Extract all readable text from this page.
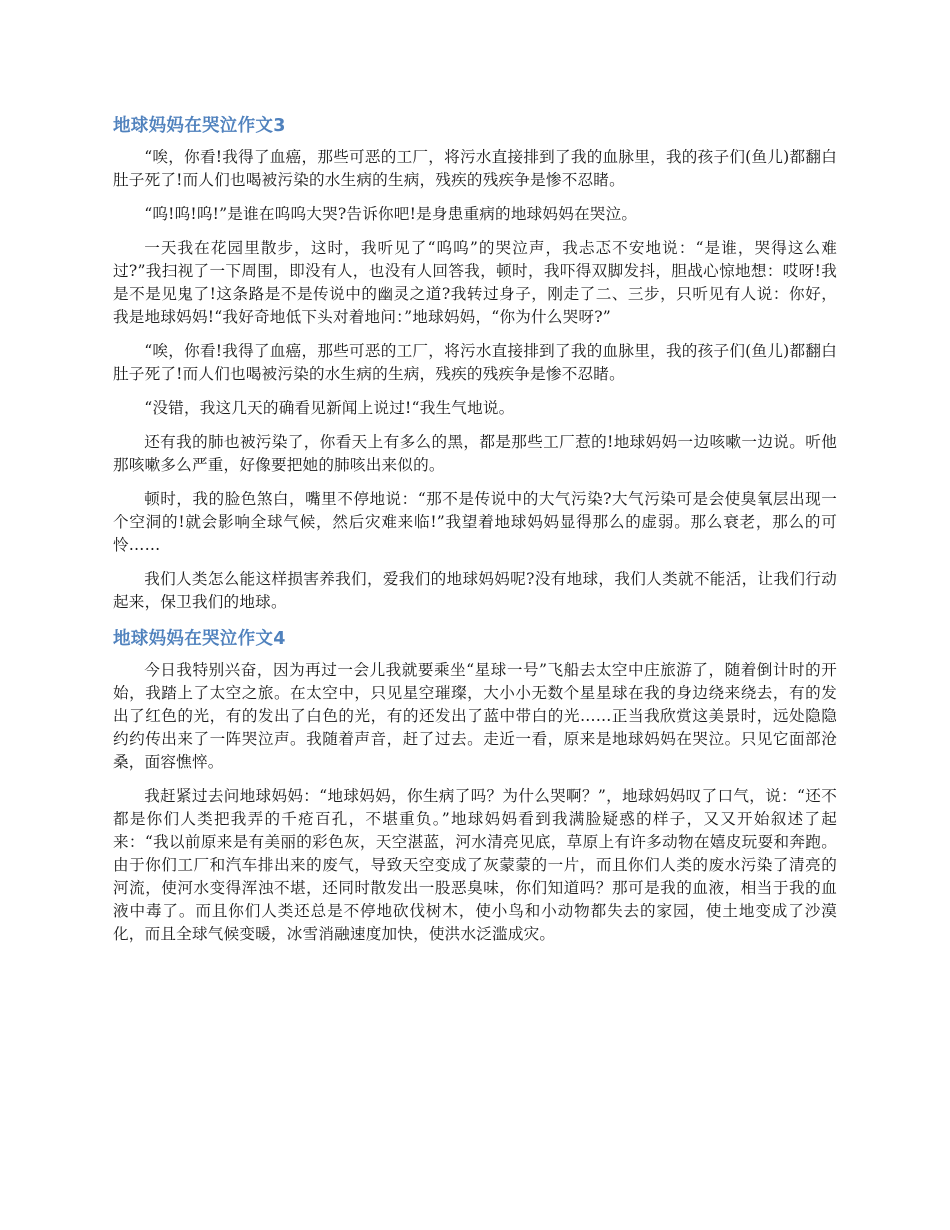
地球妈妈在哭泣作文3

“唉，你看!我得了血癌，那些可恶的工厂，将污水直接排到了我的血脉里，我的孩子们(鱼儿)都翻白肚子死了!而人们也喝被污染的水生病的生病，残疾的残疾争是惨不忍睹。

“呜!呜!呜!”是谁在呜呜大哭?告诉你吧!是身患重病的地球妈妈在哭泣。

一天我在花园里散步，这时，我听见了“呜呜”的哭泣声，我忐忑不安地说：“是谁，哭得这么难过?”我扫视了一下周围，即没有人，也没有人回答我，顿时，我吓得双脚发抖，胆战心惊地想：哎呀!我是不是见鬼了!这条路是不是传说中的幽灵之道?我转过身子，刚走了二、三步，只听见有人说：你好，我是地球妈妈!“我好奇地低下头对着地问：”地球妈妈，“你为什么哭呀?”

“唉，你看!我得了血癌，那些可恶的工厂，将污水直接排到了我的血脉里，我的孩子们(鱼儿)都翻白肚子死了!而人们也喝被污染的水生病的生病，残疾的残疾争是惨不忍睹。

“没错，我这几天的确看见新闻上说过!“我生气地说。

还有我的肺也被污染了，你看天上有多么的黑，都是那些工厂惹的!地球妈妈一边咳嗽一边说。听他那咳嗽多么严重，好像要把她的肺咳出来似的。

顿时，我的脸色煞白，嘴里不停地说：“那不是传说中的大气污染?大气污染可是会使臭氧层出现一个空洞的!就会影响全球气候，然后灾难来临!”我望着地球妈妈显得那么的虚弱。那么衰老，那么的可怜……

我们人类怎么能这样损害养我们，爱我们的地球妈妈呢?没有地球，我们人类就不能活，让我们行动起来，保卫我们的地球。

地球妈妈在哭泣作文4

今日我特别兴奋，因为再过一会儿我就要乘坐“星球一号”飞船去太空中庄旅游了，随着倒计时的开始，我踏上了太空之旅。在太空中，只见星空璀璨，大小小无数个星星球在我的身边绕来绕去，有的发出了红色的光，有的发出了白色的光，有的还发出了蓝中带白的光……正当我欣赏这美景时，远处隐隐约约传出来了一阵哭泣声。我随着声音，赶了过去。走近一看，原来是地球妈妈在哭泣。只见它面部沧桑，面容憔悴。

我赶紧过去问地球妈妈：“地球妈妈，你生病了吗？为什么哭啊？”，地球妈妈叹了口气，说：“还不都是你们人类把我弄的千疮百孔，不堪重负。”地球妈妈看到我满脸疑惑的样子，又又开始叙述了起来：“我以前原来是有美丽的彩色灰，天空湛蓝，河水清亮见底，草原上有许多动物在嬉皮玩耍和奔跑。由于你们工厂和汽车排出来的废气，导致天空变成了灰蒙蒙的一片，而且你们人类的废水污染了清亮的河流，使河水变得浑浊不堪，还同时散发出一股恶臭味，你们知道吗？那可是我的血液，相当于我的血液中毒了。而且你们人类还总是不停地砍伐树木，使小鸟和小动物都失去的家园，使土地变成了沙漠化，而且全球气候变暖，冰雪消融速度加快，使洪水泛滥成灾。
